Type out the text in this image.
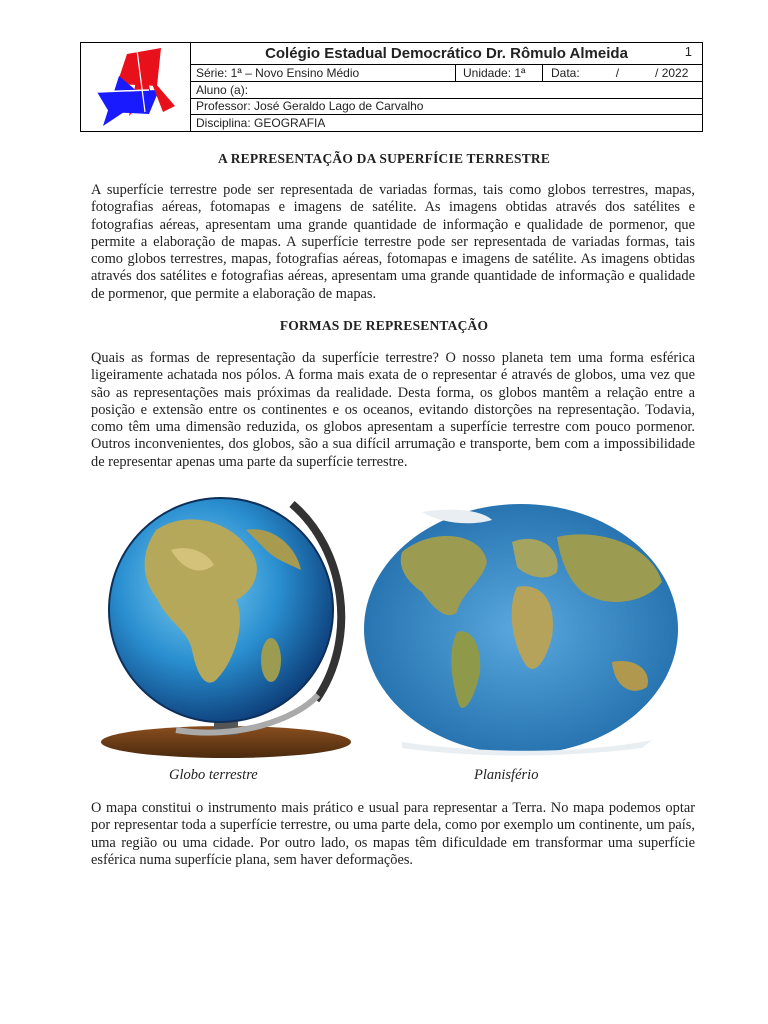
Colégio Estadual Democrático Dr. Rômulo Almeida	1
Série: 1ª – Novo Ensino Médio	Unidade: 1ª	Data:	/	/ 2022
Aluno (a):
Professor: José Geraldo Lago de Carvalho
Disciplina: GEOGRAFIA
A REPRESENTAÇÃO DA SUPERFÍCIE TERRESTRE

A superfície terrestre pode ser representada de variadas formas, tais como globos terrestres, mapas, fotografias aéreas, fotomapas e imagens de satélite. As imagens obtidas através dos satélites e fotografias aéreas, apresentam uma grande quantidade de informação e qualidade de pormenor, que permite a elaboração de mapas. A superfície terrestre pode ser representada de variadas formas, tais como globos terrestres, mapas, fotografias aéreas, fotomapas e imagens de satélite. As imagens obtidas através dos satélites e fotografias aéreas, apresentam uma grande quantidade de informação e qualidade de pormenor, que permite a elaboração de mapas.

FORMAS DE REPRESENTAÇÃO

Quais as formas de representação da superfície terrestre? O nosso planeta tem uma forma esférica ligeiramente achatada nos pólos. A forma mais exata de o representar é através de globos, uma vez que são as representações mais próximas da realidade. Desta forma, os globos mantêm a relação entre a posição e extensão entre os continentes e os oceanos, evitando distorções na representação. Todavia, como têm uma dimensão reduzida, os globos apresentam a superfície terrestre com pouco pormenor. Outros inconvenientes, dos globos, são a sua difícil arrumação e transporte, bem com a impossibilidade de representar apenas uma parte da superfície terrestre.

Globo terrestre	Planisfério

O mapa constitui o instrumento mais prático e usual para representar a Terra. No mapa podemos optar por representar toda a superfície terrestre, ou uma parte dela, como por exemplo um continente, um país, uma região ou uma cidade. Por outro lado, os mapas têm dificuldade em transformar uma superfície esférica numa superfície plana, sem haver deformações.
